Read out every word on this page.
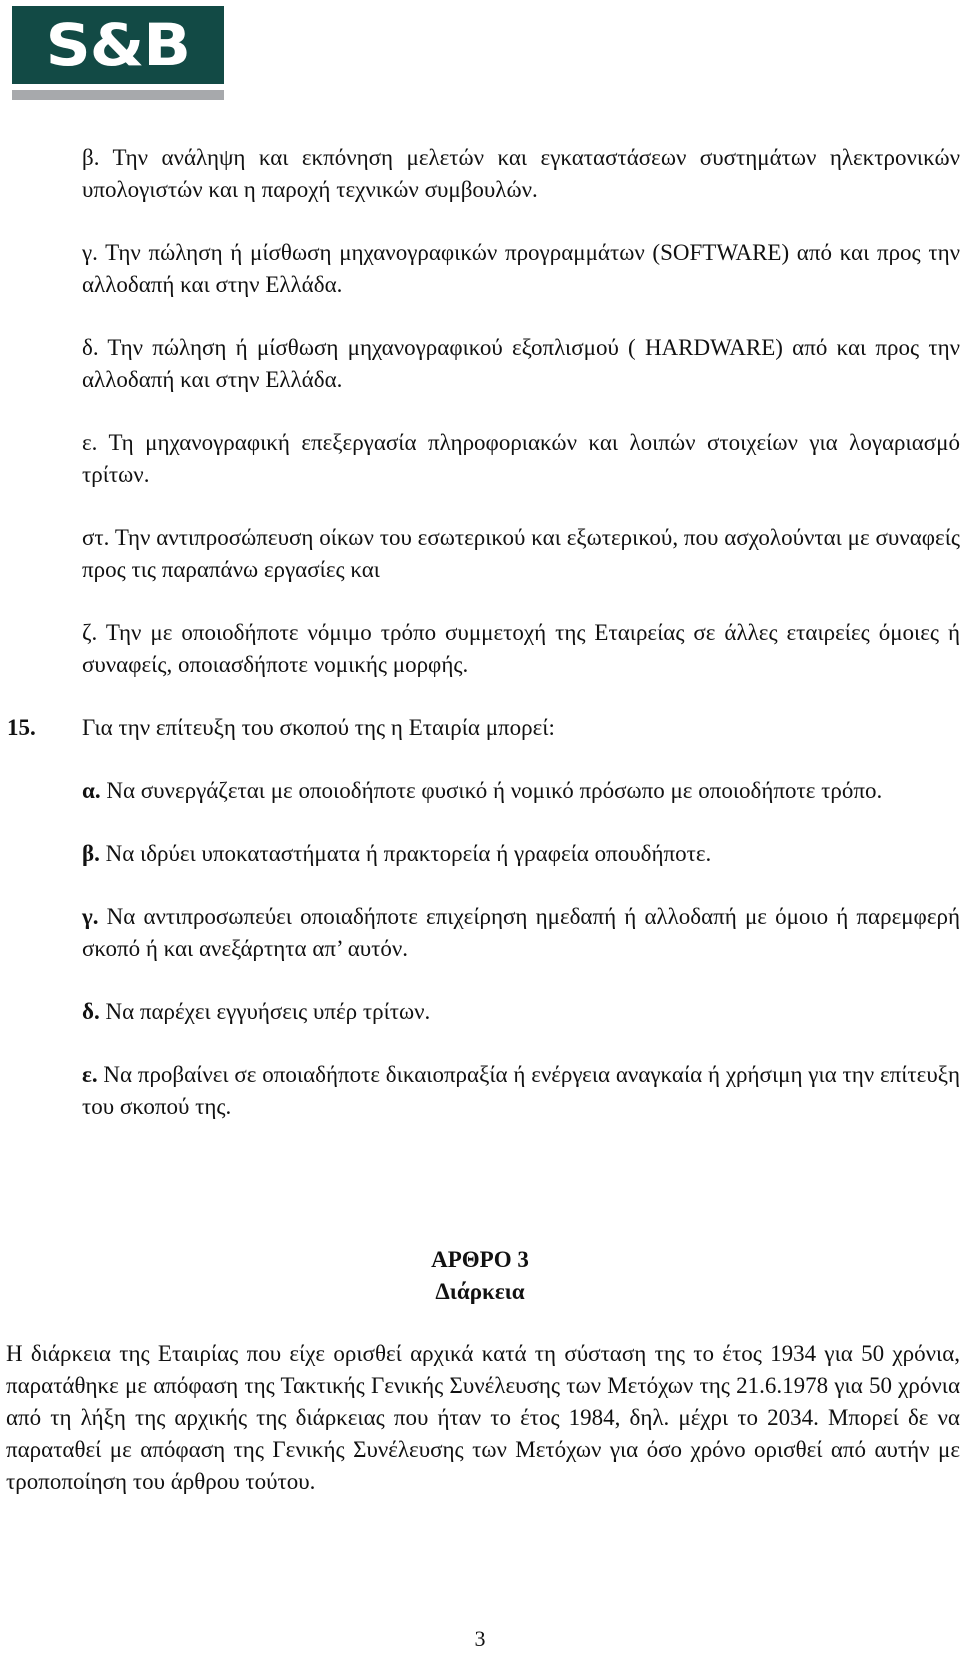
S&B

β. Την ανάληψη και εκπόνηση μελετών και εγκαταστάσεων συστημάτων ηλεκτρονικών υπολογιστών και η παροχή τεχνικών συμβουλών.

γ. Την πώληση ή μίσθωση μηχανογραφικών προγραμμάτων (SOFTWARE) από και προς την αλλοδαπή και στην Ελλάδα.

δ. Την πώληση ή μίσθωση μηχανογραφικού εξοπλισμού ( HARDWARE) από και προς την αλλοδαπή και στην Ελλάδα.

ε. Τη μηχανογραφική επεξεργασία πληροφοριακών και λοιπών στοιχείων για λογαριασμό τρίτων.

στ. Την αντιπροσώπευση οίκων του εσωτερικού και εξωτερικού, που ασχολούνται με συναφείς προς τις παραπάνω εργασίες και

ζ. Την με οποιοδήποτε νόμιμο τρόπο συμμετοχή της Εταιρείας σε άλλες εταιρείες όμοιες ή συναφείς, οποιασδήποτε νομικής μορφής.

15. Για την επίτευξη του σκοπού της η Εταιρία μπορεί:

α. Να συνεργάζεται με οποιοδήποτε φυσικό ή νομικό πρόσωπο με οποιοδήποτε τρόπο.

β. Να ιδρύει υποκαταστήματα ή πρακτορεία ή γραφεία οπουδήποτε.

γ. Να αντιπροσωπεύει οποιαδήποτε επιχείρηση ημεδαπή ή αλλοδαπή με όμοιο ή παρεμφερή σκοπό ή και ανεξάρτητα απ’ αυτόν.

δ. Να παρέχει εγγυήσεις υπέρ τρίτων.

ε. Να προβαίνει σε οποιαδήποτε δικαιοπραξία ή ενέργεια αναγκαία ή χρήσιμη για την επίτευξη του σκοπού της.

ΑΡΘΡΟ 3
Διάρκεια
Η διάρκεια της Εταιρίας που είχε ορισθεί αρχικά κατά τη σύσταση της το έτος 1934 για 50 χρόνια, παρατάθηκε με απόφαση της Τακτικής Γενικής Συνέλευσης των Μετόχων της 21.6.1978 για 50 χρόνια από τη λήξη της αρχικής της διάρκειας που ήταν το έτος 1984, δηλ. μέχρι το 2034. Μπορεί δε να παραταθεί με απόφαση της Γενικής Συνέλευσης των Μετόχων για όσο χρόνο ορισθεί από αυτήν με τροποποίηση του άρθρου τούτου.
3
